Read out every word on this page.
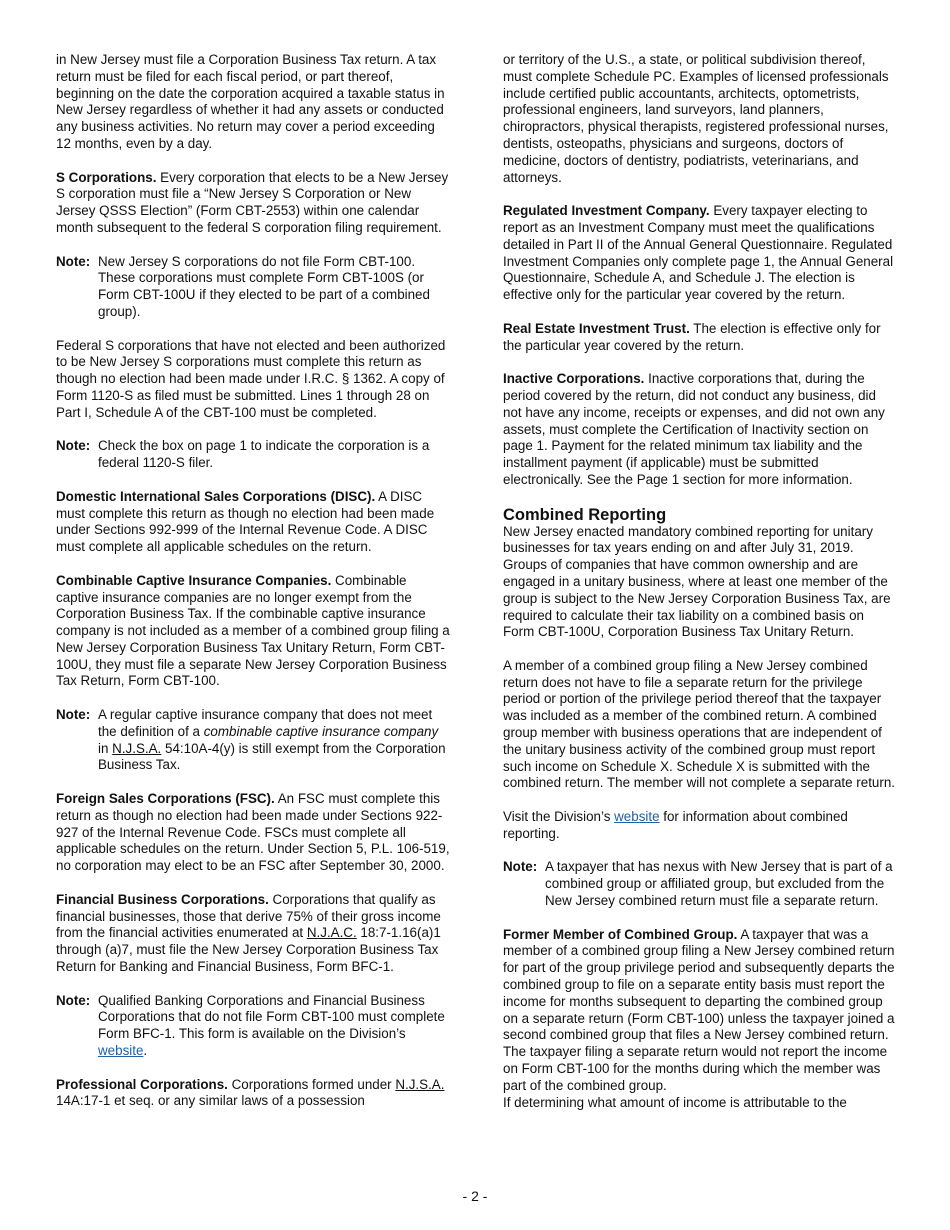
in New Jersey must file a Corporation Business Tax return. A tax return must be filed for each fiscal period, or part thereof, beginning on the date the corporation acquired a taxable status in New Jersey regardless of whether it had any assets or conducted any business activities. No return may cover a period exceeding 12 months, even by a day.

S Corporations. Every corporation that elects to be a New Jersey S corporation must file a “New Jersey S Corporation or New Jersey QSSS Election” (Form CBT-2553) within one calendar month subsequent to the federal S corporation filing requirement.

Note: New Jersey S corporations do not file Form CBT-100. These corporations must complete Form CBT-100S (or Form CBT-100U if they elected to be part of a combined group).

Federal S corporations that have not elected and been authorized to be New Jersey S corporations must complete this return as though no election had been made under I.R.C. § 1362. A copy of Form 1120-S as filed must be submitted. Lines 1 through 28 on Part I, Schedule A of the CBT-100 must be completed.

Note: Check the box on page 1 to indicate the corporation is a federal 1120-S filer.

Domestic International Sales Corporations (DISC). A DISC must complete this return as though no election had been made under Sections 992-999 of the Internal Revenue Code. A DISC must complete all applicable schedules on the return.

Combinable Captive Insurance Companies. Combinable captive insurance companies are no longer exempt from the Corporation Business Tax. If the combinable captive insurance company is not included as a member of a combined group filing a New Jersey Corporation Business Tax Unitary Return, Form CBT-100U, they must file a separate New Jersey Corporation Business Tax Return, Form CBT-100.

Note: A regular captive insurance company that does not meet the definition of a combinable captive insurance company in N.J.S.A. 54:10A-4(y) is still exempt from the Corporation Business Tax.

Foreign Sales Corporations (FSC). An FSC must complete this return as though no election had been made under Sections 922-927 of the Internal Revenue Code. FSCs must complete all applicable schedules on the return. Under Section 5, P.L. 106-519, no corporation may elect to be an FSC after September 30, 2000.

Financial Business Corporations. Corporations that qualify as financial businesses, those that derive 75% of their gross income from the financial activities enumerated at N.J.A.C. 18:7-1.16(a)1 through (a)7, must file the New Jersey Corporation Business Tax Return for Banking and Financial Business, Form BFC-1.

Note: Qualified Banking Corporations and Financial Business Corporations that do not file Form CBT-100 must complete Form BFC-1. This form is available on the Division’s website.

Professional Corporations. Corporations formed under N.J.S.A. 14A:17-1 et seq. or any similar laws of a possession

or territory of the U.S., a state, or political subdivision thereof, must complete Schedule PC. Examples of licensed professionals include certified public accountants, architects, optometrists, professional engineers, land surveyors, land planners, chiropractors, physical therapists, registered professional nurses, dentists, osteopaths, physicians and surgeons, doctors of medicine, doctors of dentistry, podiatrists, veterinarians, and attorneys.

Regulated Investment Company. Every taxpayer electing to report as an Investment Company must meet the qualifications detailed in Part II of the Annual General Questionnaire. Regulated Investment Companies only complete page 1, the Annual General Questionnaire, Schedule A, and Schedule J. The election is effective only for the particular year covered by the return.

Real Estate Investment Trust. The election is effective only for the particular year covered by the return.

Inactive Corporations. Inactive corporations that, during the period covered by the return, did not conduct any business, did not have any income, receipts or expenses, and did not own any assets, must complete the Certification of Inactivity section on page 1. Payment for the related minimum tax liability and the installment payment (if applicable) must be submitted electronically. See the Page 1 section for more information.

Combined Reporting

New Jersey enacted mandatory combined reporting for unitary businesses for tax years ending on and after July 31, 2019. Groups of companies that have common ownership and are engaged in a unitary business, where at least one member of the group is subject to the New Jersey Corporation Business Tax, are required to calculate their tax liability on a combined basis on Form CBT-100U, Corporation Business Tax Unitary Return.

A member of a combined group filing a New Jersey combined return does not have to file a separate return for the privilege period or portion of the privilege period thereof that the taxpayer was included as a member of the combined return. A combined group member with business operations that are independent of the unitary business activity of the combined group must report such income on Schedule X. Schedule X is submitted with the combined return. The member will not complete a separate return.

Visit the Division’s website for information about combined reporting.

Note: A taxpayer that has nexus with New Jersey that is part of a combined group or affiliated group, but excluded from the New Jersey combined return must file a separate return.

Former Member of Combined Group. A taxpayer that was a member of a combined group filing a New Jersey combined return for part of the group privilege period and subsequently departs the combined group to file on a separate entity basis must report the income for months subsequent to departing the combined group on a separate return (Form CBT-100) unless the taxpayer joined a second combined group that files a New Jersey combined return. The taxpayer filing a separate return would not report the income on Form CBT-100 for the months during which the member was part of the combined group.

If determining what amount of income is attributable to the

- 2 -
